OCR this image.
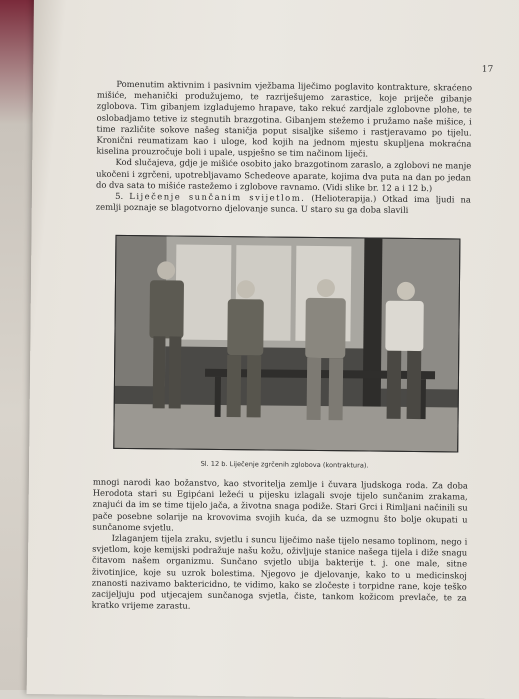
17

Pomenutim aktivnim i pasivnim vježbama liječimo poglavito kontrakture, skraćeno mišiće, mehanički produžujemo, te razriješujemo zarastice, koje priječe gibanje zglobova. Tim gibanjem izgladujemo hrapave, tako rekuć zardjale zglobovne plohe, te oslobadjamo tetive iz stegnutih brazgotina. Gibanjem stežemo i pružamo naše mišice, i time različite sokove našeg staničja poput sisaljke sišemo i rastjeravamo po tijelu. Kronični reumatizam kao i uloge, kod kojih na jednom mjestu skupljena mokraćna kiselina prouzročuje boli i upale, uspješno se tim načinom liječi.

Kod slučajeva, gdje je mišiće osobito jako brazgotinom zaraslo, a zglobovi ne manje ukočeni i zgrčeni, upotrebljavamo Schedeove aparate, kojima dva puta na dan po jedan do dva sata to mišiće rastežemo i zglobove ravnamo. (Vidi slike br. 12 a i 12 b.)

5. Liječenje sunčanim svijetlom. (Helioterapija.) Otkad ima ljudi na zemlji poznaje se blagotvorno djelovanje sunca. U staro su ga doba slavili

Sl. 12 b. Liječenje zgrčenih zglobova (kontraktura).

mnogi narodi kao božanstvo, kao stvoritelja zemlje i čuvara ljudskoga roda. Za doba Herodota stari su Egipćani ležeći u pijesku izlagali svoje tijelo sunčanim zrakama, znajući da im se time tijelo jača, a životna snaga podiže. Stari Grci i Rimljani načinili su pače posebne solarije na krovovima svojih kuća, da se uzmognu što bolje okupati u sunčanome svjetlu.

Izlaganjem tijela zraku, svjetlu i suncu liječimo naše tijelo nesamo toplinom, nego i svjetlom, koje kemijski podražuje našu kožu, oživljuje stanice našega tijela i diže snagu čitavom našem organizmu. Sunčano svjetlo ubija bakterije t. j. one male, sitne životinjice, koje su uzrok bolestima. Njegovo je djelovanje, kako to u medicinskoj znanosti nazivamo baktericidno, te vidimo, kako se zločeste i torpidne rane, koje teško zacijeljuju pod utjecajem sunčanoga svjetla, čiste, tankom kožicom prevlače, te za kratko vrijeme zarastu.
